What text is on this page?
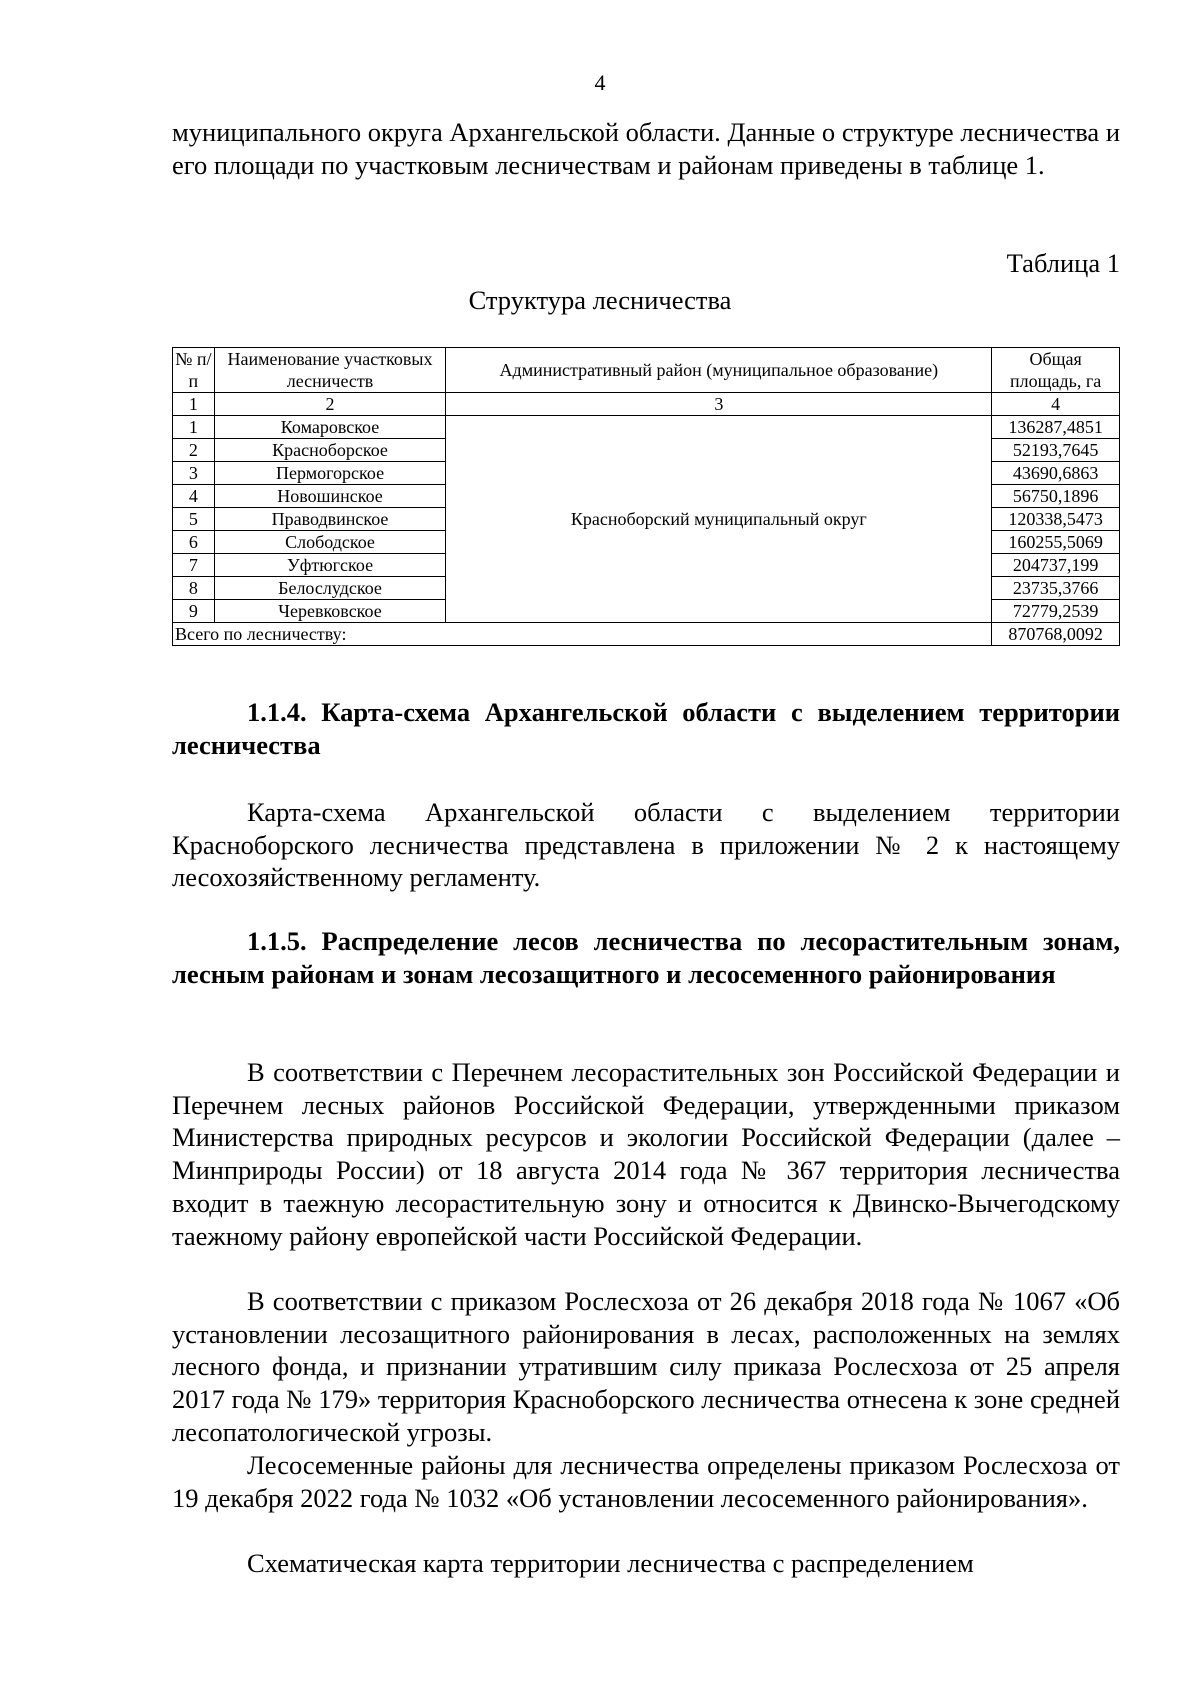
4

муниципального округа Архангельской области. Данные о структуре лесничества и его площади по участковым лесничествам и районам приведены в таблице 1.

Таблица 1
Структура лесничества
№ п/п	Наименование участковых лесничеств	Административный район (муниципальное образование)	Общая площадь, га
1	2	3	4
1	Комаровское	Красноборский муниципальный округ	136287,4851
2	Красноборское		52193,7645
3	Пермогорское		43690,6863
4	Новошинское		56750,1896
5	Праводвинское		120338,5473
6	Слободское		160255,5069
7	Уфтюгское		204737,199
8	Белослудское		23735,3766
9	Черевковское		72779,2539
Всего по лесничеству:			870768,0092

1.1.4. Карта-схема Архангельской области с выделением территории лесничества

Карта-схема Архангельской области с выделением территории Красноборского лесничества представлена в приложении № 2 к настоящему лесохозяйственному регламенту.

1.1.5. Распределение лесов лесничества по лесорастительным зонам, лесным районам и зонам лесозащитного и лесосеменного районирования

В соответствии с Перечнем лесорастительных зон Российской Федерации и Перечнем лесных районов Российской Федерации, утвержденными приказом Министерства природных ресурсов и экологии Российской Федерации (далее – Минприроды России) от 18 августа 2014 года № 367 территория лесничества входит в таежную лесорастительную зону и относится к Двинско-Вычегодскому таежному району европейской части Российской Федерации.

В соответствии с приказом Рослесхоза от 26 декабря 2018 года № 1067 «Об установлении лесозащитного районирования в лесах, расположенных на землях лесного фонда, и признании утратившим силу приказа Рослесхоза от 25 апреля 2017 года № 179» территория Красноборского лесничества отнесена к зоне средней лесопатологической угрозы.

Лесосеменные районы для лесничества определены приказом Рослесхоза от 19 декабря 2022 года № 1032 «Об установлении лесосеменного районирования».

Схематическая карта территории лесничества с распределением
